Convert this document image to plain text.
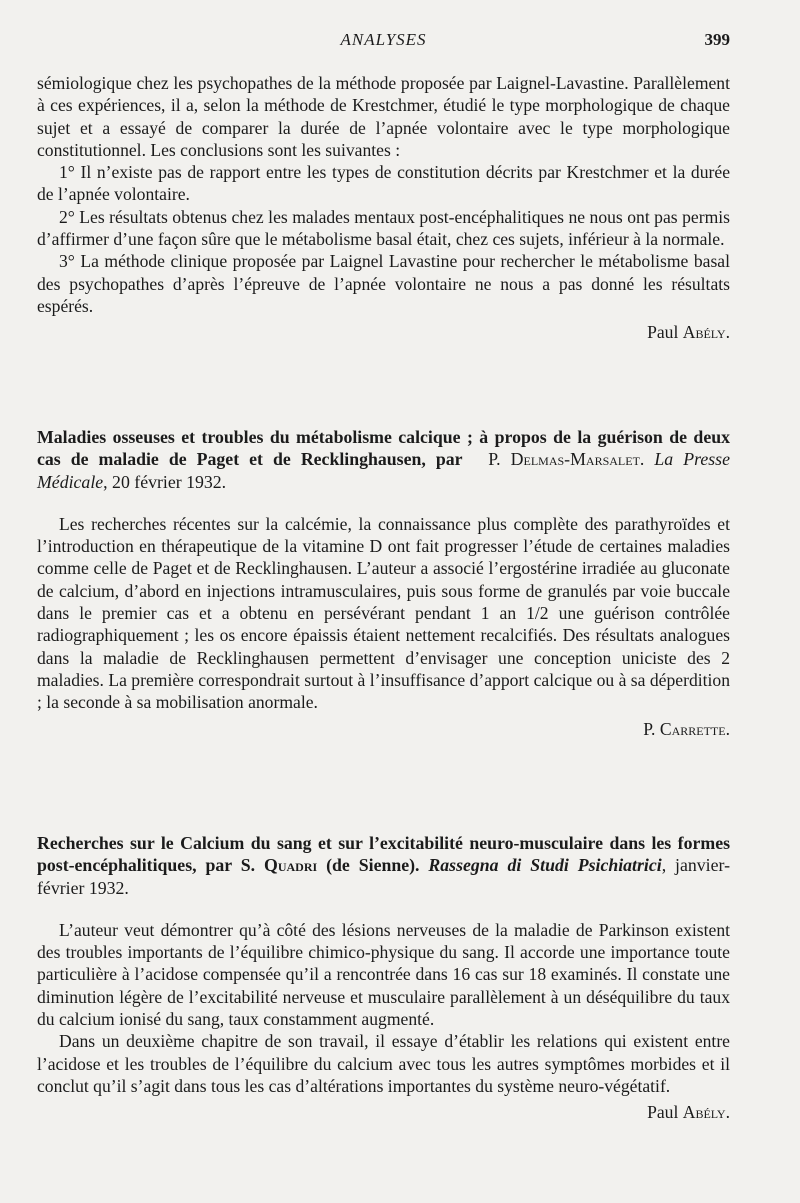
ANALYSES	399

sémiologique chez les psychopathes de la méthode proposée par Laignel-Lavastine. Parallèlement à ces expériences, il a, selon la méthode de Krestchmer, étudié le type morphologique de chaque sujet et a essayé de comparer la durée de l’apnée volontaire avec le type morphologique constitutionnel. Les conclusions sont les suivantes :

1° Il n’existe pas de rapport entre les types de constitution décrits par Krestchmer et la durée de l’apnée volontaire.

2° Les résultats obtenus chez les malades mentaux post-encéphalitiques ne nous ont pas permis d’affirmer d’une façon sûre que le métabolisme basal était, chez ces sujets, inférieur à la normale.

3° La méthode clinique proposée par Laignel Lavastine pour rechercher le métabolisme basal des psychopathes d’après l’épreuve de l’apnée volontaire ne nous a pas donné les résultats espérés.

Paul Abély.

Maladies osseuses et troubles du métabolisme calcique ; à propos de la guérison de deux cas de maladie de Paget et de Recklinghausen, par P. Delmas-Marsalet. La Presse Médicale, 20 février 1932.

Les recherches récentes sur la calcémie, la connaissance plus complète des parathyroïdes et l’introduction en thérapeutique de la vitamine D ont fait progresser l’étude de certaines maladies comme celle de Paget et de Recklinghausen. L’auteur a associé l’ergostérine irradiée au gluconate de calcium, d’abord en injections intramusculaires, puis sous forme de granulés par voie buccale dans le premier cas et a obtenu en persévérant pendant 1 an 1/2 une guérison contrôlée radiographiquement ; les os encore épaissis étaient nettement recalcifiés. Des résultats analogues dans la maladie de Recklinghausen permettent d’envisager une conception uniciste des 2 maladies. La première correspondrait surtout à l’insuffisance d’apport calcique ou à sa déperdition ; la seconde à sa mobilisation anormale.

P. Carrette.

Recherches sur le Calcium du sang et sur l’excitabilité neuro-musculaire dans les formes post-encéphalitiques, par S. Quadri (de Sienne). Rassegna di Studi Psichiatrici, janvier-février 1932.

L’auteur veut démontrer qu’à côté des lésions nerveuses de la maladie de Parkinson existent des troubles importants de l’équilibre chimico-physique du sang. Il accorde une importance toute particulière à l’acidose compensée qu’il a rencontrée dans 16 cas sur 18 examinés. Il constate une diminution légère de l’excitabilité nerveuse et musculaire parallèlement à un déséquilibre du taux du calcium ionisé du sang, taux constamment augmenté.

Dans un deuxième chapitre de son travail, il essaye d’établir les relations qui existent entre l’acidose et les troubles de l’équilibre du calcium avec tous les autres symptômes morbides et il conclut qu’il s’agit dans tous les cas d’altérations importantes du système neuro-végétatif.

Paul Abély.
